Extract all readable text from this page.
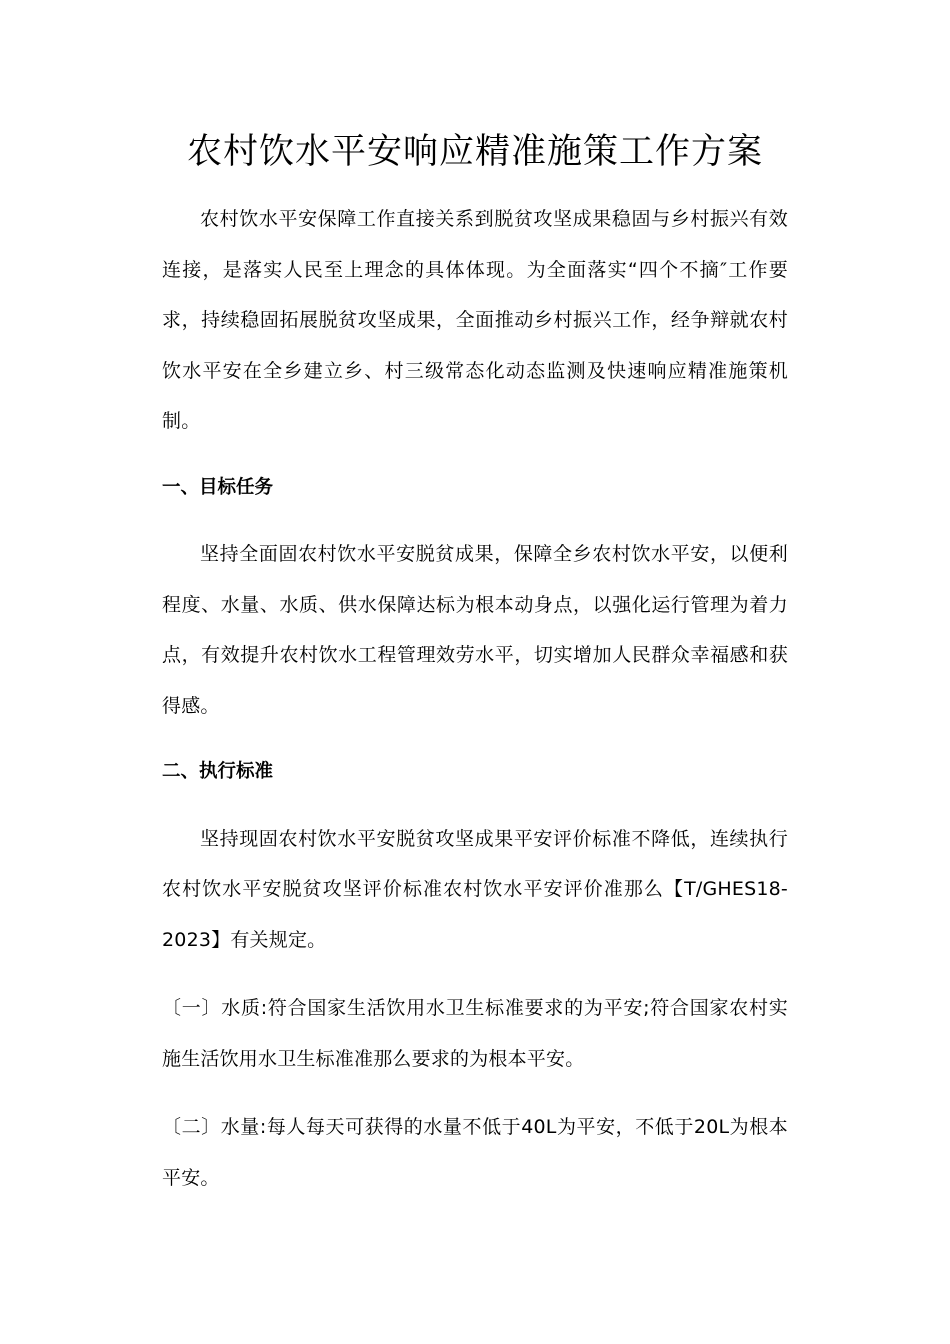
农村饮水平安响应精准施策工作方案

农村饮水平安保障工作直接关系到脱贫攻坚成果稳固与乡村振兴有效连接，是落实人民至上理念的具体体现。为全面落实“四个不摘″工作要求，持续稳固拓展脱贫攻坚成果，全面推动乡村振兴工作，经争辩就农村饮水平安在全乡建立乡、村三级常态化动态监测及快速响应精准施策机制。

一、目标任务

坚持全面固农村饮水平安脱贫成果，保障全乡农村饮水平安，以便利程度、水量、水质、供水保障达标为根本动身点，以强化运行管理为着力点，有效提升农村饮水工程管理效劳水平，切实增加人民群众幸福感和获得感。

二、执行标准

坚持现固农村饮水平安脱贫攻坚成果平安评价标准不降低，连续执行农村饮水平安脱贫攻坚评价标准农村饮水平安评价准那么【T/GHES18-2023】有关规定。

〔一〕水质:符合国家生活饮用水卫生标准要求的为平安;符合国家农村实施生活饮用水卫生标准准那么要求的为根本平安。

〔二〕水量:每人每天可获得的水量不低于40L为平安，不低于20L为根本平安。
